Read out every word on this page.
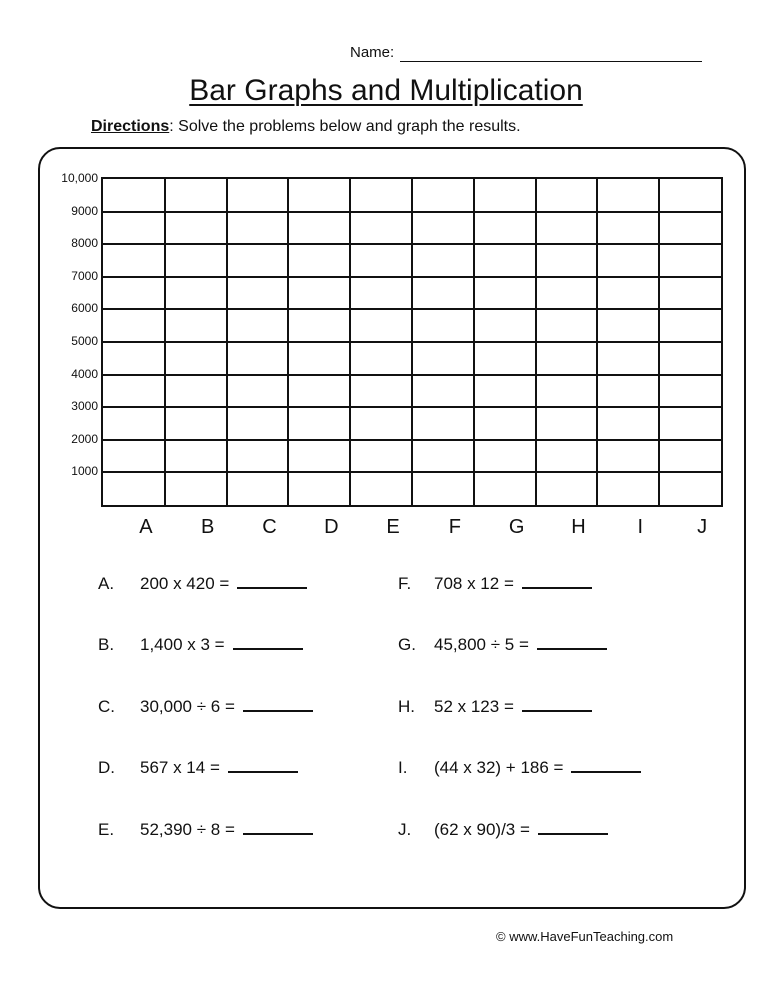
Name:
Bar Graphs and Multiplication
Directions: Solve the problems below and graph the results.
1000
2000
3000
4000
5000
6000
7000
8000
9000
10,000
A	B	C	D	E	F	G	H	I	J
A. 200 x 420 =
B. 1,400 x 3 =
C. 30,000 ÷ 6 =
D. 567 x 14 =
E. 52,390 ÷ 8 =
F. 708 x 12 =
G. 45,800 ÷ 5 =
H. 52 x 123 =
I. (44 x 32) + 186 =
J. (62 x 90)/3 =
© www.HaveFunTeaching.com
